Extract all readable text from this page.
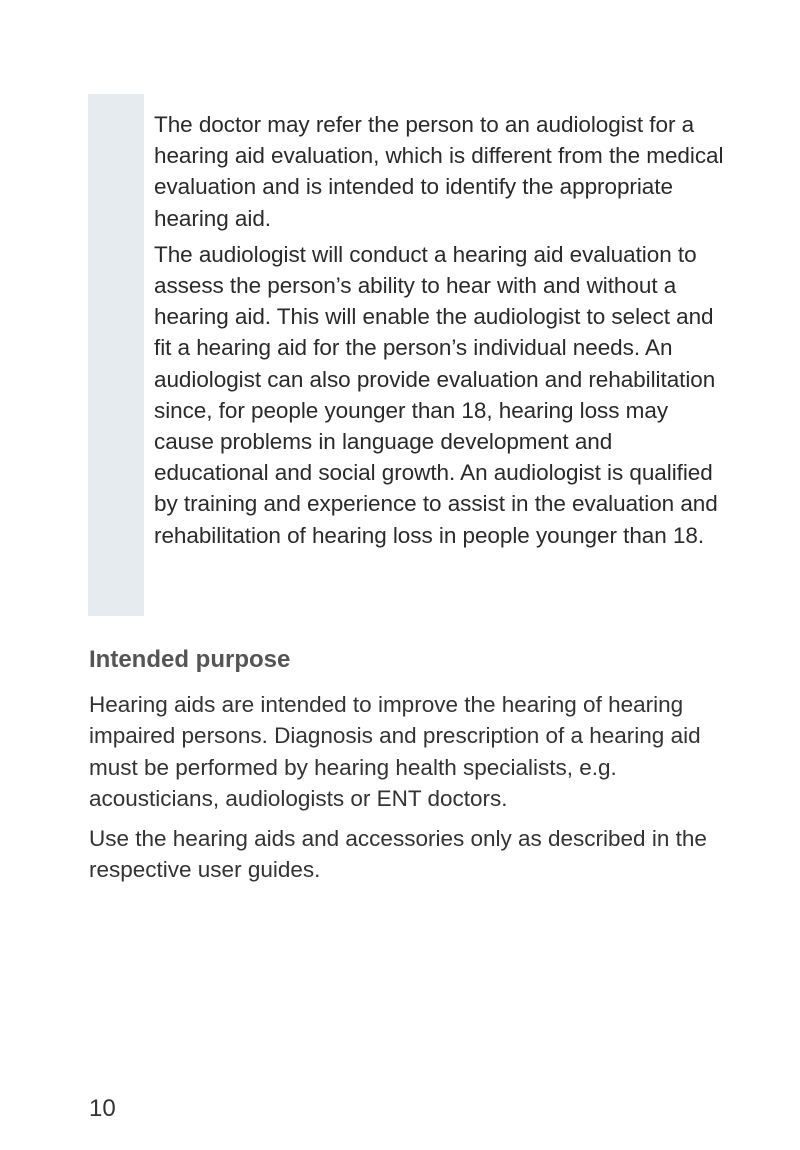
The doctor may refer the person to an audiologist for a hearing aid evaluation, which is different from the medical evaluation and is intended to identify the appropriate hearing aid.

The audiologist will conduct a hearing aid evaluation to assess the person’s ability to hear with and without a hearing aid. This will enable the audiologist to select and fit a hearing aid for the person’s individual needs. An audiologist can also provide evaluation and rehabilitation since, for people younger than 18, hearing loss may cause problems in language development and educational and social growth. An audiologist is qualified by training and experience to assist in the evaluation and rehabilitation of hearing loss in people younger than 18.

Intended purpose

Hearing aids are intended to improve the hearing of hearing impaired persons. Diagnosis and prescription of a hearing aid must be performed by hearing health specialists, e.g. acousticians, audiologists or ENT doctors.

Use the hearing aids and accessories only as described in the respective user guides.

10
